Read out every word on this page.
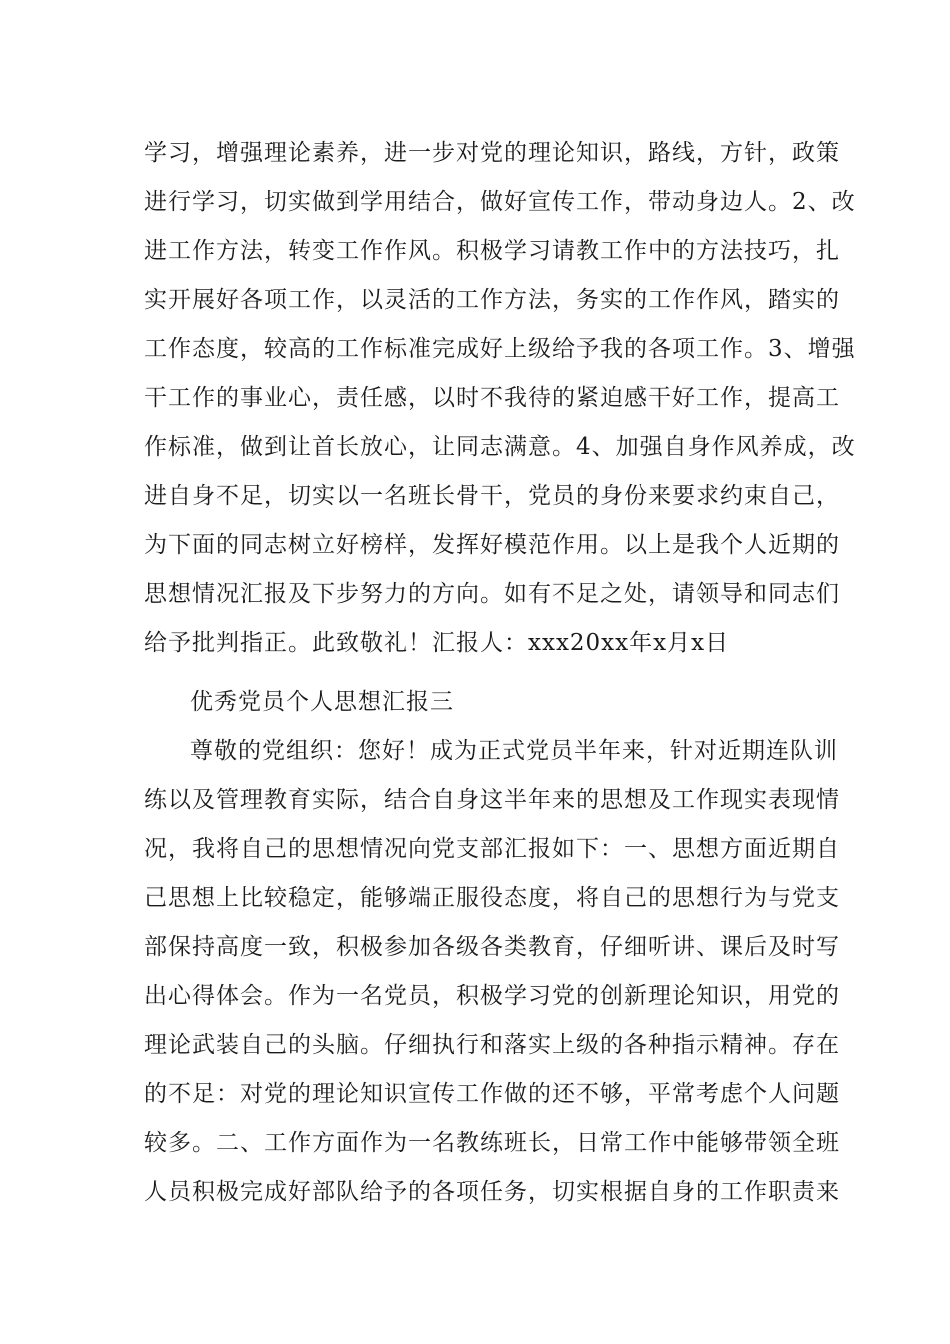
学习，增强理论素养，进一步对党的理论知识，路线，方针，政策
进行学习，切实做到学用结合，做好宣传工作，带动身边人。2、改
进工作方法，转变工作作风。积极学习请教工作中的方法技巧，扎
实开展好各项工作，以灵活的工作方法，务实的工作作风，踏实的
工作态度，较高的工作标准完成好上级给予我的各项工作。3、增强
干工作的事业心，责任感，以时不我待的紧迫感干好工作，提高工
作标准，做到让首长放心，让同志满意。4、加强自身作风养成，改
进自身不足，切实以一名班长骨干，党员的身份来要求约束自己，
为下面的同志树立好榜样，发挥好模范作用。以上是我个人近期的
思想情况汇报及下步努力的方向。如有不足之处，请领导和同志们
给予批判指正。此致敬礼！汇报人：xxx20xx年x月x日
优秀党员个人思想汇报三
尊敬的党组织：您好！成为正式党员半年来，针对近期连队训
练以及管理教育实际，结合自身这半年来的思想及工作现实表现情
况，我将自己的思想情况向党支部汇报如下：一、思想方面近期自
己思想上比较稳定，能够端正服役态度，将自己的思想行为与党支
部保持高度一致，积极参加各级各类教育，仔细听讲、课后及时写
出心得体会。作为一名党员，积极学习党的创新理论知识，用党的
理论武装自己的头脑。仔细执行和落实上级的各种指示精神。存在
的不足：对党的理论知识宣传工作做的还不够，平常考虑个人问题
较多。二、工作方面作为一名教练班长，日常工作中能够带领全班
人员积极完成好部队给予的各项任务，切实根据自身的工作职责来
